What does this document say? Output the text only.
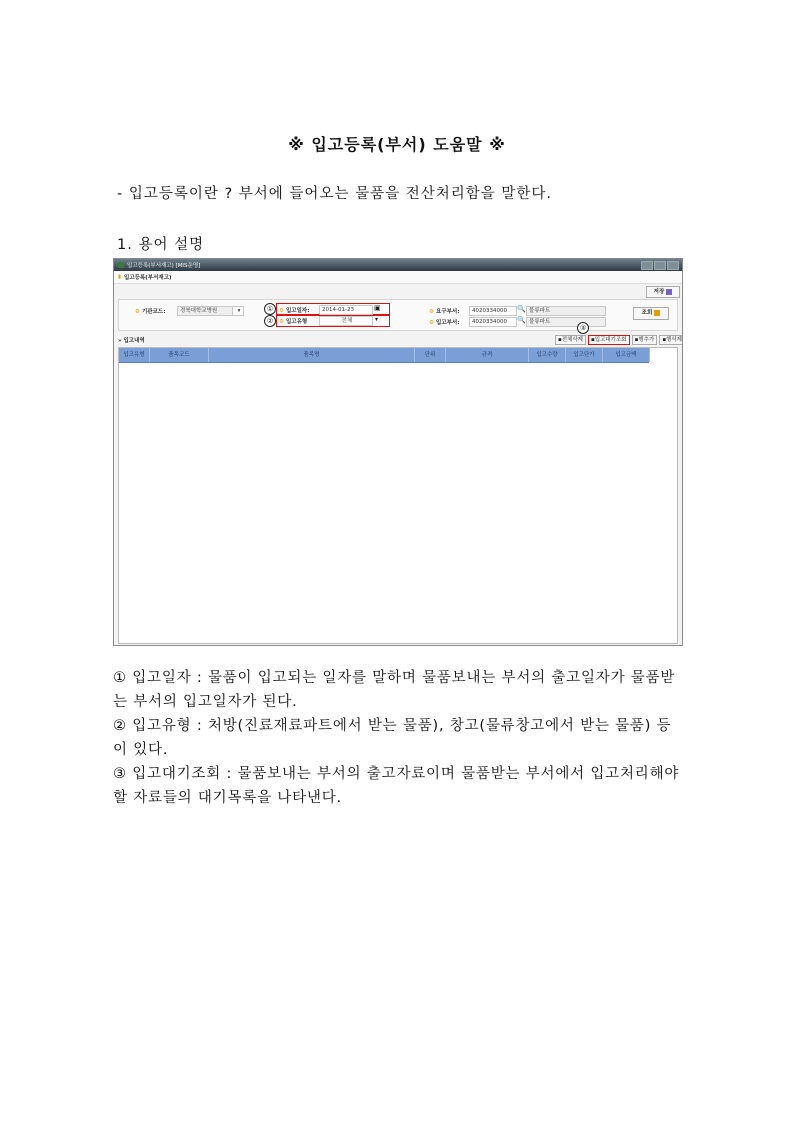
※ 입고등록(부서) 도움말 ※
- 입고등록이란 ? 부서에 들어오는 물품을 전산처리함을 말한다.
1. 용어 설명
입고등록(부서재고) [MIS운영]
▮ 입고등록(부서재고)
저장
⚙ 기관코드:	경북대학교병원	▾	①
②
⚙ 입고일자:	2014-01-23	▣
⚙ 입고유형	전체	▾
⚙ 요구부서:	4020334000	🔍 물류파트
⚙ 입고부서:	4020334000	🔍 물류파트
조회
③
» 입고내역	▪전체삭제	▪입고대기조회	▪행추가	▪행삭제
입고유형	품목코드	품목명	단위	규격	입고수량	입고단가	입고금액

① 입고일자 : 물품이 입고되는 일자를 말하며 물품보내는 부서의 출고일자가 물품받는 부서의 입고일자가 된다.

② 입고유형 : 처방(진료재료파트에서 받는 물품), 창고(물류창고에서 받는 물품) 등이 있다.

③ 입고대기조회 : 물품보내는 부서의 출고자료이며 물품받는 부서에서 입고처리해야할 자료들의 대기목록을 나타낸다.
